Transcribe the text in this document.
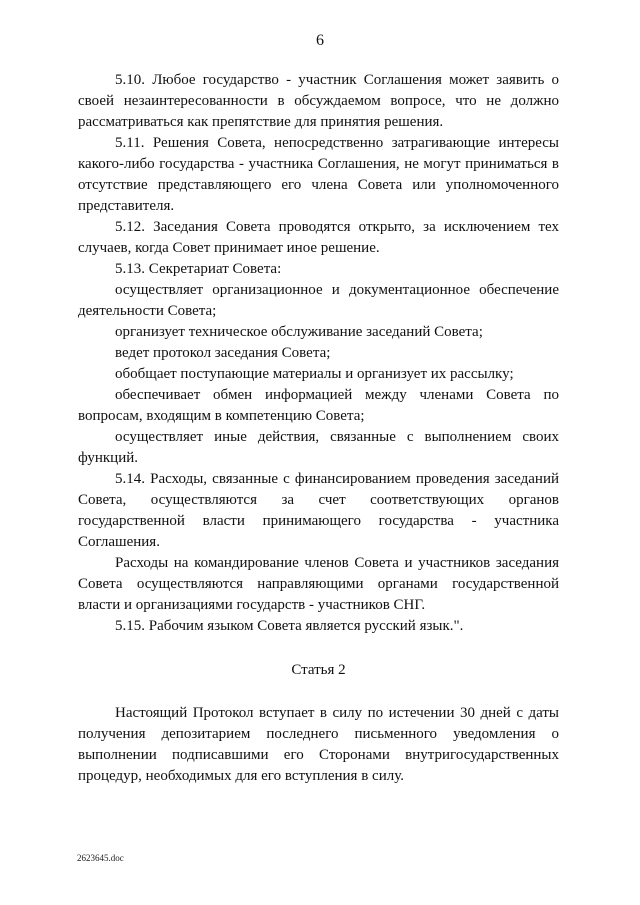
6

5.10. Любое государство - участник Соглашения может заявить о своей незаинтересованности в обсуждаемом вопросе, что не должно рассматриваться как препятствие для принятия решения.

5.11. Решения Совета, непосредственно затрагивающие интересы какого-либо государства - участника Соглашения, не могут приниматься в отсутствие представляющего его члена Совета или уполномоченного представителя.

5.12. Заседания Совета проводятся открыто, за исключением тех случаев, когда Совет принимает иное решение.

5.13. Секретариат Совета:

осуществляет организационное и документационное обеспечение деятельности Совета;

организует техническое обслуживание заседаний Совета;

ведет протокол заседания Совета;

обобщает поступающие материалы и организует их рассылку;

обеспечивает обмен информацией между членами Совета по вопросам, входящим в компетенцию Совета;

осуществляет иные действия, связанные с выполнением своих функций.

5.14. Расходы, связанные с финансированием проведения заседаний Совета, осуществляются за счет соответствующих органов государственной власти принимающего государства - участника Соглашения.

Расходы на командирование членов Совета и участников заседания Совета осуществляются направляющими органами государственной власти и организациями государств - участников СНГ.

5.15. Рабочим языком Совета является русский язык.".

Статья 2

Настоящий Протокол вступает в силу по истечении 30 дней с даты получения депозитарием последнего письменного уведомления о выполнении подписавшими его Сторонами внутригосударственных процедур, необходимых для его вступления в силу.

2623645.doc
